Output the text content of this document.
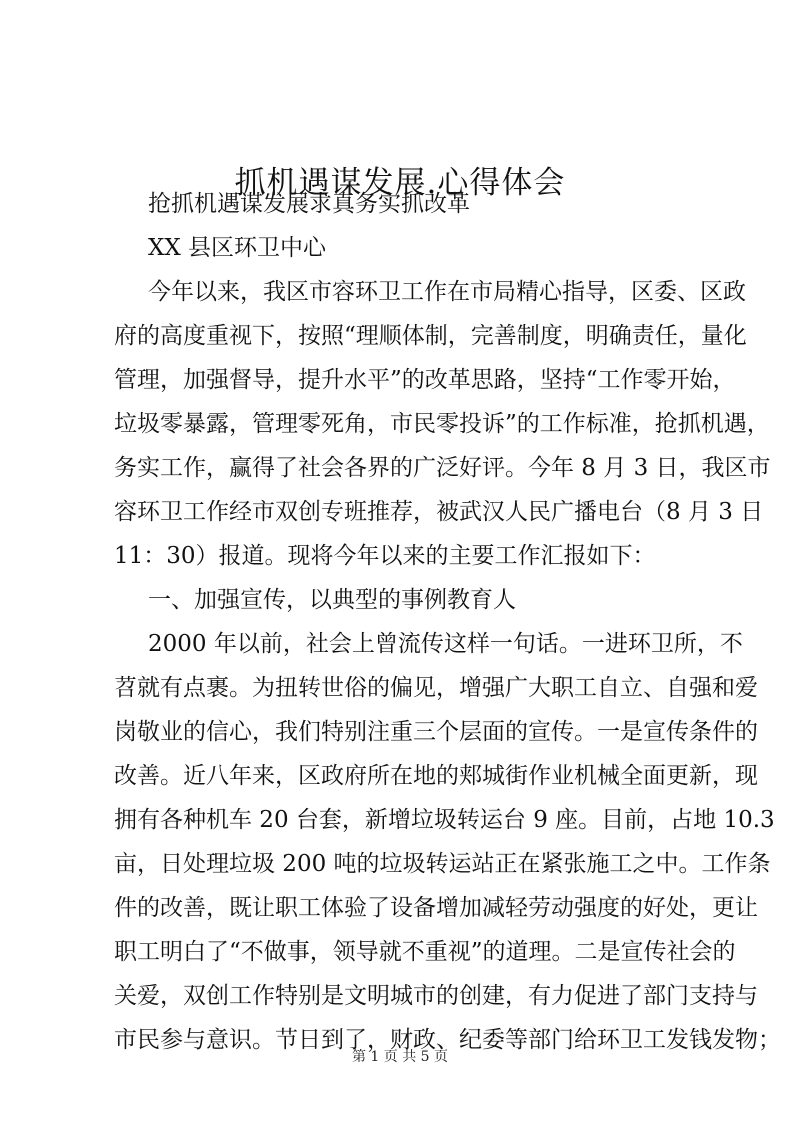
抓机遇谋发展.心得体会
抢抓机遇谋发展求真务实抓改革
XX 县区环卫中心
今年以来，我区市容环卫工作在市局精心指导，区委、区政
府的高度重视下，按照“理顺体制，完善制度，明确责任，量化
管理，加强督导，提升水平”的改革思路，坚持“工作零开始，
垃圾零暴露，管理零死角，市民零投诉”的工作标准，抢抓机遇，
务实工作，赢得了社会各界的广泛好评。今年 8 月 3 日，我区市
容环卫工作经市双创专班推荐，被武汉人民广播电台（8 月 3 日
11：30）报道。现将今年以来的主要工作汇报如下：
一、加强宣传，以典型的事例教育人
2000 年以前，社会上曾流传这样一句话。一进环卫所，不
苕就有点裹。为扭转世俗的偏见，增强广大职工自立、自强和爱
岗敬业的信心，我们特别注重三个层面的宣传。一是宣传条件的
改善。近八年来，区政府所在地的郏城街作业机械全面更新，现
拥有各种机车 20 台套，新增垃圾转运台 9 座。目前，占地 10.3
亩，日处理垃圾 200 吨的垃圾转运站正在紧张施工之中。工作条
件的改善，既让职工体验了设备增加减轻劳动强度的好处，更让
职工明白了“不做事，领导就不重视”的道理。二是宣传社会的
关爱，双创工作特别是文明城市的创建，有力促进了部门支持与
市民参与意识。节日到了，财政、纪委等部门给环卫工发钱发物；
第 1 页 共 5 页
